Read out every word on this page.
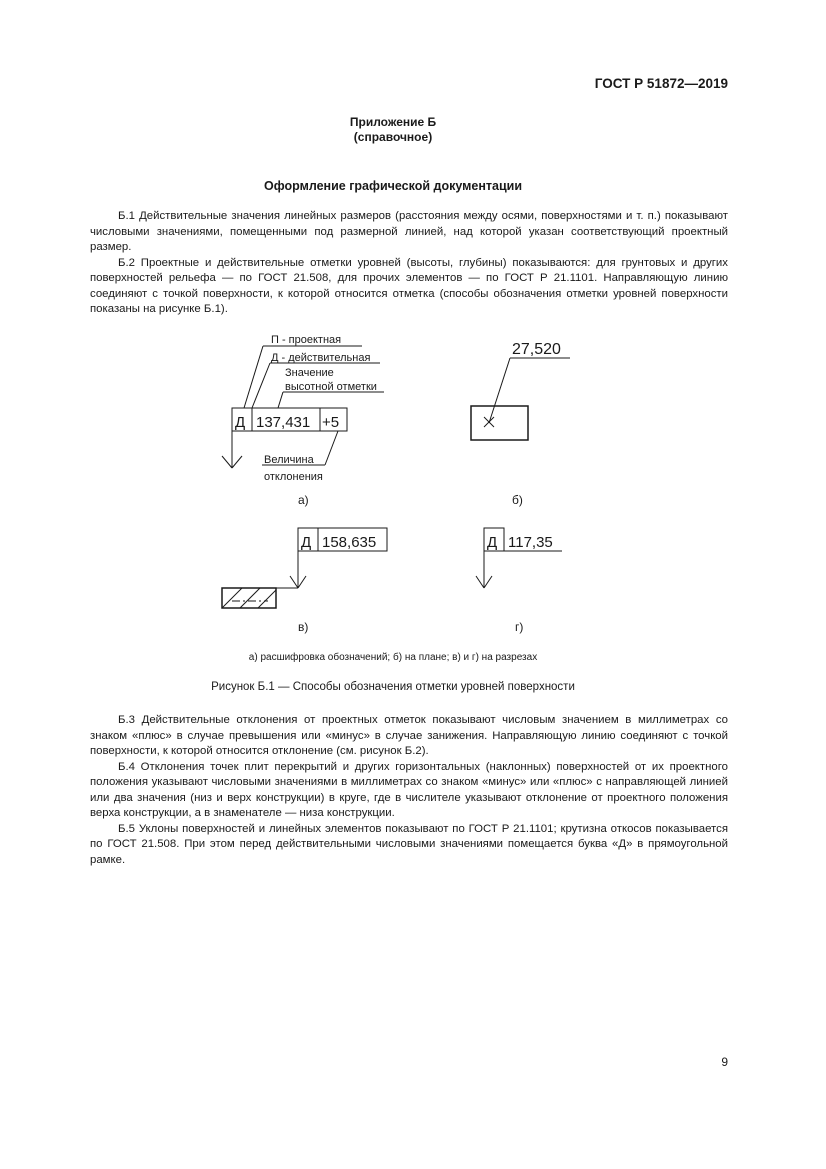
ГОСТ Р 51872—2019
Приложение Б
(справочное)
Оформление графической документации

Б.1 Действительные значения линейных размеров (расстояния между осями, поверхностями и т. п.) показывают числовыми значениями, помещенными под размерной линией, над которой указан соответствующий проектный размер.

Б.2 Проектные и действительные отметки уровней (высоты, глубины) показываются: для грунтовых и других поверхностей рельефа — по ГОСТ 21.508, для прочих элементов — по ГОСТ Р 21.1101. Направляющую линию соединяют с точкой поверхности, к которой относится отметка (способы обозначения отметки уровней поверхности показаны на рисунке Б.1).

П - проектная
Д - действительная
Значение
высотной отметки
Д 137,431 +5
Величина
отклонения
а)
27,520
б)
Д 158,635
в)
Д 117,35
г)
а) расшифровка обозначений; б) на плане; в) и г) на разрезах
Рисунок Б.1 — Способы обозначения отметки уровней поверхности

Б.3 Действительные отклонения от проектных отметок показывают числовым значением в миллиметрах со знаком «плюс» в случае превышения или «минус» в случае занижения. Направляющую линию соединяют с точкой поверхности, к которой относится отклонение (см. рисунок Б.2).

Б.4 Отклонения точек плит перекрытий и других горизонтальных (наклонных) поверхностей от их проектного положения указывают числовыми значениями в миллиметрах со знаком «минус» или «плюс» с направляющей линией или два значения (низ и верх конструкции) в круге, где в числителе указывают отклонение от проектного положения верха конструкции, а в знаменателе — низа конструкции.

Б.5 Уклоны поверхностей и линейных элементов показывают по ГОСТ Р 21.1101; крутизна откосов показывается по ГОСТ 21.508. При этом перед действительными числовыми значениями помещается буква «Д» в прямоугольной рамке.

9
